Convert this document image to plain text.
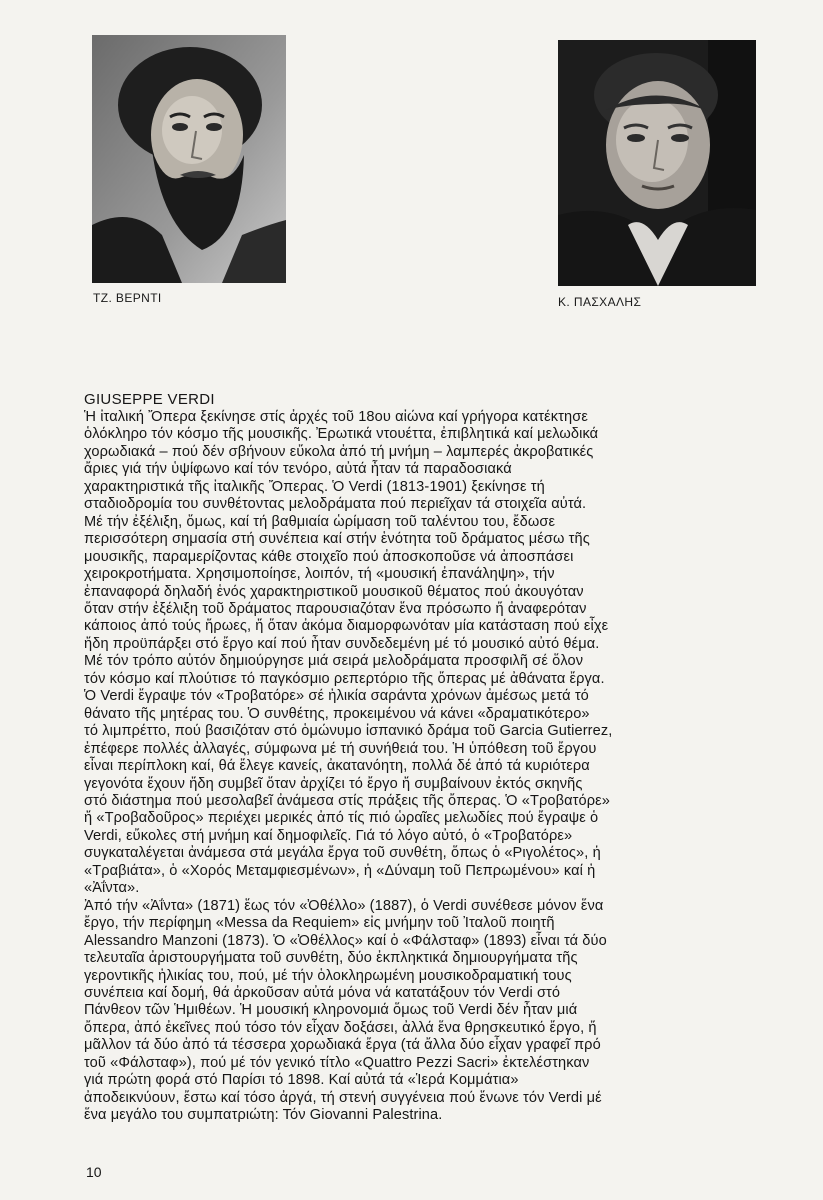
ΤΖ. ΒΕΡΝΤΙ	Κ. ΠΑΣΧΑΛΗΣ
GIUSEPPE VERDI
Ἡ ἰταλική Ὄπερα ξεκίνησε στίς ἀρχές τοῦ 18ου αἰώνα καί γρήγορα κατέκτησε
ὁλόκληρο τόν κόσμο τῆς μουσικῆς. Ἐρωτικά ντουέττα, ἐπιβλητικά καί μελωδικά
χορωδιακά – πού δέν σβήνουν εὔκολα ἀπό τή μνήμη – λαμπερές ἀκροβατικές
ἄριες γιά τήν ὑψίφωνο καί τόν τενόρο, αὐτά ἦταν τά παραδοσιακά
χαρακτηριστικά τῆς ἰταλικῆς Ὄπερας. Ὁ Verdi (1813-1901) ξεκίνησε τή
σταδιοδρομία του συνθέτοντας μελοδράματα πού περιεῖχαν τά στοιχεῖα αὐτά.
Μέ τήν ἐξέλιξη, ὅμως, καί τή βαθμιαία ὡρίμαση τοῦ ταλέντου του, ἔδωσε
περισσότερη σημασία στή συνέπεια καί στήν ἑνότητα τοῦ δράματος μέσω τῆς
μουσικῆς, παραμερίζοντας κάθε στοιχεῖο πού ἀποσκοποῦσε νά ἀποσπάσει
χειροκροτήματα. Χρησιμοποίησε, λοιπόν, τή «μουσική ἐπανάληψη», τήν
ἐπαναφορά δηλαδή ἑνός χαρακτηριστικοῦ μουσικοῦ θέματος πού ἀκουγόταν
ὅταν στήν ἐξέλιξη τοῦ δράματος παρουσιαζόταν ἕνα πρόσωπο ἤ ἀναφερόταν
κάποιος ἀπό τούς ἥρωες, ἤ ὅταν ἀκόμα διαμορφωνόταν μία κατάσταση πού εἶχε
ἤδη προϋπάρξει στό ἔργο καί πού ἦταν συνδεδεμένη μέ τό μουσικό αὐτό θέμα.
Μέ τόν τρόπο αὐτόν δημιούργησε μιά σειρά μελοδράματα προσφιλῆ σέ ὅλον
τόν κόσμο καί πλούτισε τό παγκόσμιο ρεπερτόριο τῆς ὄπερας μέ ἀθάνατα ἔργα.
Ὁ Verdi ἔγραψε τόν «Τροβατόρε» σέ ἡλικία σαράντα χρόνων ἀμέσως μετά τό
θάνατο τῆς μητέρας του. Ὁ συνθέτης, προκειμένου νά κάνει «δραματικότερο»
τό λιμπρέττο, πού βασιζόταν στό ὁμώνυμο ἰσπανικό δράμα τοῦ Garcia Gutierrez,
ἐπέφερε πολλές ἀλλαγές, σύμφωνα μέ τή συνήθειά του. Ἡ ὑπόθεση τοῦ ἔργου
εἶναι περίπλοκη καί, θά ἔλεγε κανείς, ἀκατανόητη, πολλά δέ ἀπό τά κυριότερα
γεγονότα ἔχουν ἤδη συμβεῖ ὅταν ἀρχίζει τό ἔργο ἤ συμβαίνουν ἐκτός σκηνῆς
στό διάστημα πού μεσολαβεῖ ἀνάμεσα στίς πράξεις τῆς ὄπερας. Ὁ «Τροβατόρε»
ἤ «Τροβαδοῦρος» περιέχει μερικές ἀπό τίς πιό ὡραῖες μελωδίες πού ἔγραψε ὁ
Verdi, εὔκολες στή μνήμη καί δημοφιλεῖς. Γιά τό λόγο αὐτό, ὁ «Τροβατόρε»
συγκαταλέγεται ἀνάμεσα στά μεγάλα ἔργα τοῦ συνθέτη, ὅπως ὁ «Ριγολέτος», ἡ
«Τραβιάτα», ὁ «Χορός Μεταμφιεσμένων», ἡ «Δύναμη τοῦ Πεπρωμένου» καί ἡ
«Ἀΐντα».
Ἀπό τήν «Ἀΐντα» (1871) ἕως τόν «Ὀθέλλο» (1887), ὁ Verdi συνέθεσε μόνον ἕνα
ἔργο, τήν περίφημη «Messa da Requiem» εἰς μνήμην τοῦ Ἰταλοῦ ποιητῆ
Alessandro Manzoni (1873). Ὁ «Ὀθέλλος» καί ὁ «Φάλσταφ» (1893) εἶναι τά δύο
τελευταῖα ἀριστουργήματα τοῦ συνθέτη, δύο ἐκπληκτικά δημιουργήματα τῆς
γεροντικῆς ἡλικίας του, πού, μέ τήν ὁλοκληρωμένη μουσικοδραματική τους
συνέπεια καί δομή, θά ἀρκοῦσαν αὐτά μόνα νά κατατάξουν τόν Verdi στό
Πάνθεον τῶν Ἡμιθέων. Ἡ μουσική κληρονομιά ὅμως τοῦ Verdi δέν ἦταν μιά
ὄπερα, ἀπό ἐκεῖνες πού τόσο τόν εἶχαν δοξάσει, ἀλλά ἕνα θρησκευτικό ἔργο, ἤ
μᾶλλον τά δύο ἀπό τά τέσσερα χορωδιακά ἔργα (τά ἄλλα δύο εἶχαν γραφεῖ πρό
τοῦ «Φάλσταφ»), πού μέ τόν γενικό τίτλο «Quattro Pezzi Sacri» ἐκτελέστηκαν
γιά πρώτη φορά στό Παρίσι τό 1898. Καί αὐτά τά «Ἱερά Κομμάτια»
ἀποδεικνύουν, ἔστω καί τόσο ἀργά, τή στενή συγγένεια πού ἕνωνε τόν Verdi μέ
ἕνα μεγάλο του συμπατριώτη: Τόν Giovanni Palestrina.
10
